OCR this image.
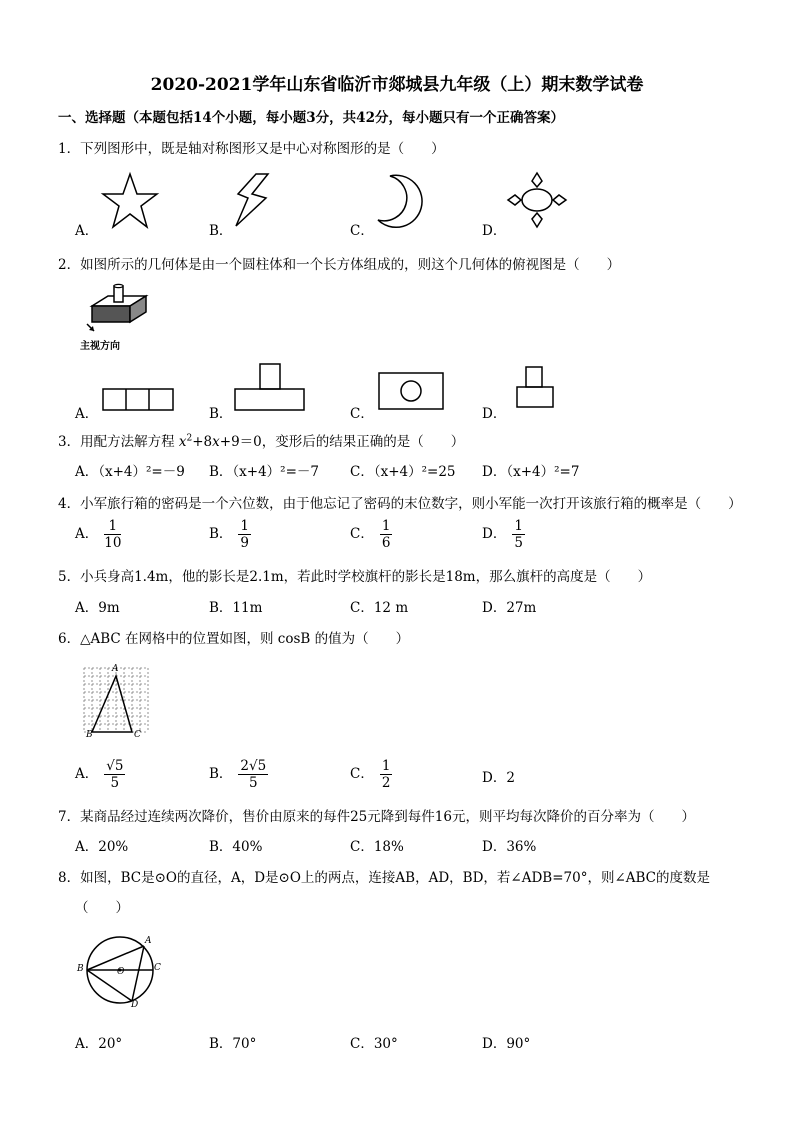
2020-2021学年山东省临沂市郯城县九年级（上）期末数学试卷
一、选择题（本题包括14个小题，每小题3分，共42分，每小题只有一个正确答案）
1．下列图形中，既是轴对称图形又是中心对称图形的是（　　）
A．	B．	C．	D．
2．如图所示的几何体是由一个圆柱体和一个长方体组成的，则这个几何体的俯视图是（　　）
主视方向
A．	B．	C．	D．
3．用配方法解方程 $x^2+8x+9=0$，变形后的结果正确的是（　　）
A．（x+4）²=－9 B．（x+4）²=－7 C．（x+4）²=25 D．（x+4）²=7
4．小军旅行箱的密码是一个六位数，由于他忘记了密码的末位数字，则小军能一次打开该旅行箱的概率是（　　）
A． $\frac{1}{10}$	B． $\frac{1}{9}$	C． $\frac{1}{6}$	D． $\frac{1}{5}$
5．小兵身高1.4m，他的影长是2.1m，若此时学校旗杆的影长是18m，那么旗杆的高度是（　　）
A．9m	B．11m	C．12 m	D．27m
6．△ABC 在网格中的位置如图，则 cosB 的值为（　　）
A
B	C
A． $\frac{√5}{5}$	B． $\frac{2√5}{5}$	C． $\frac{1}{2}$	D．2
7．某商品经过连续两次降价，售价由原来的每件25元降到每件16元，则平均每次降价的百分率为（　　）
A．20%	B．40%	C．18%	D．36%
8．如图，BC是⊙O的直径，A，D是⊙O上的两点，连接AB，AD，BD，若∠ADB=70°，则∠ABC的度数是
（　　）
A
B	O	C
D
A．20°	B．70°	C．30°	D．90°
